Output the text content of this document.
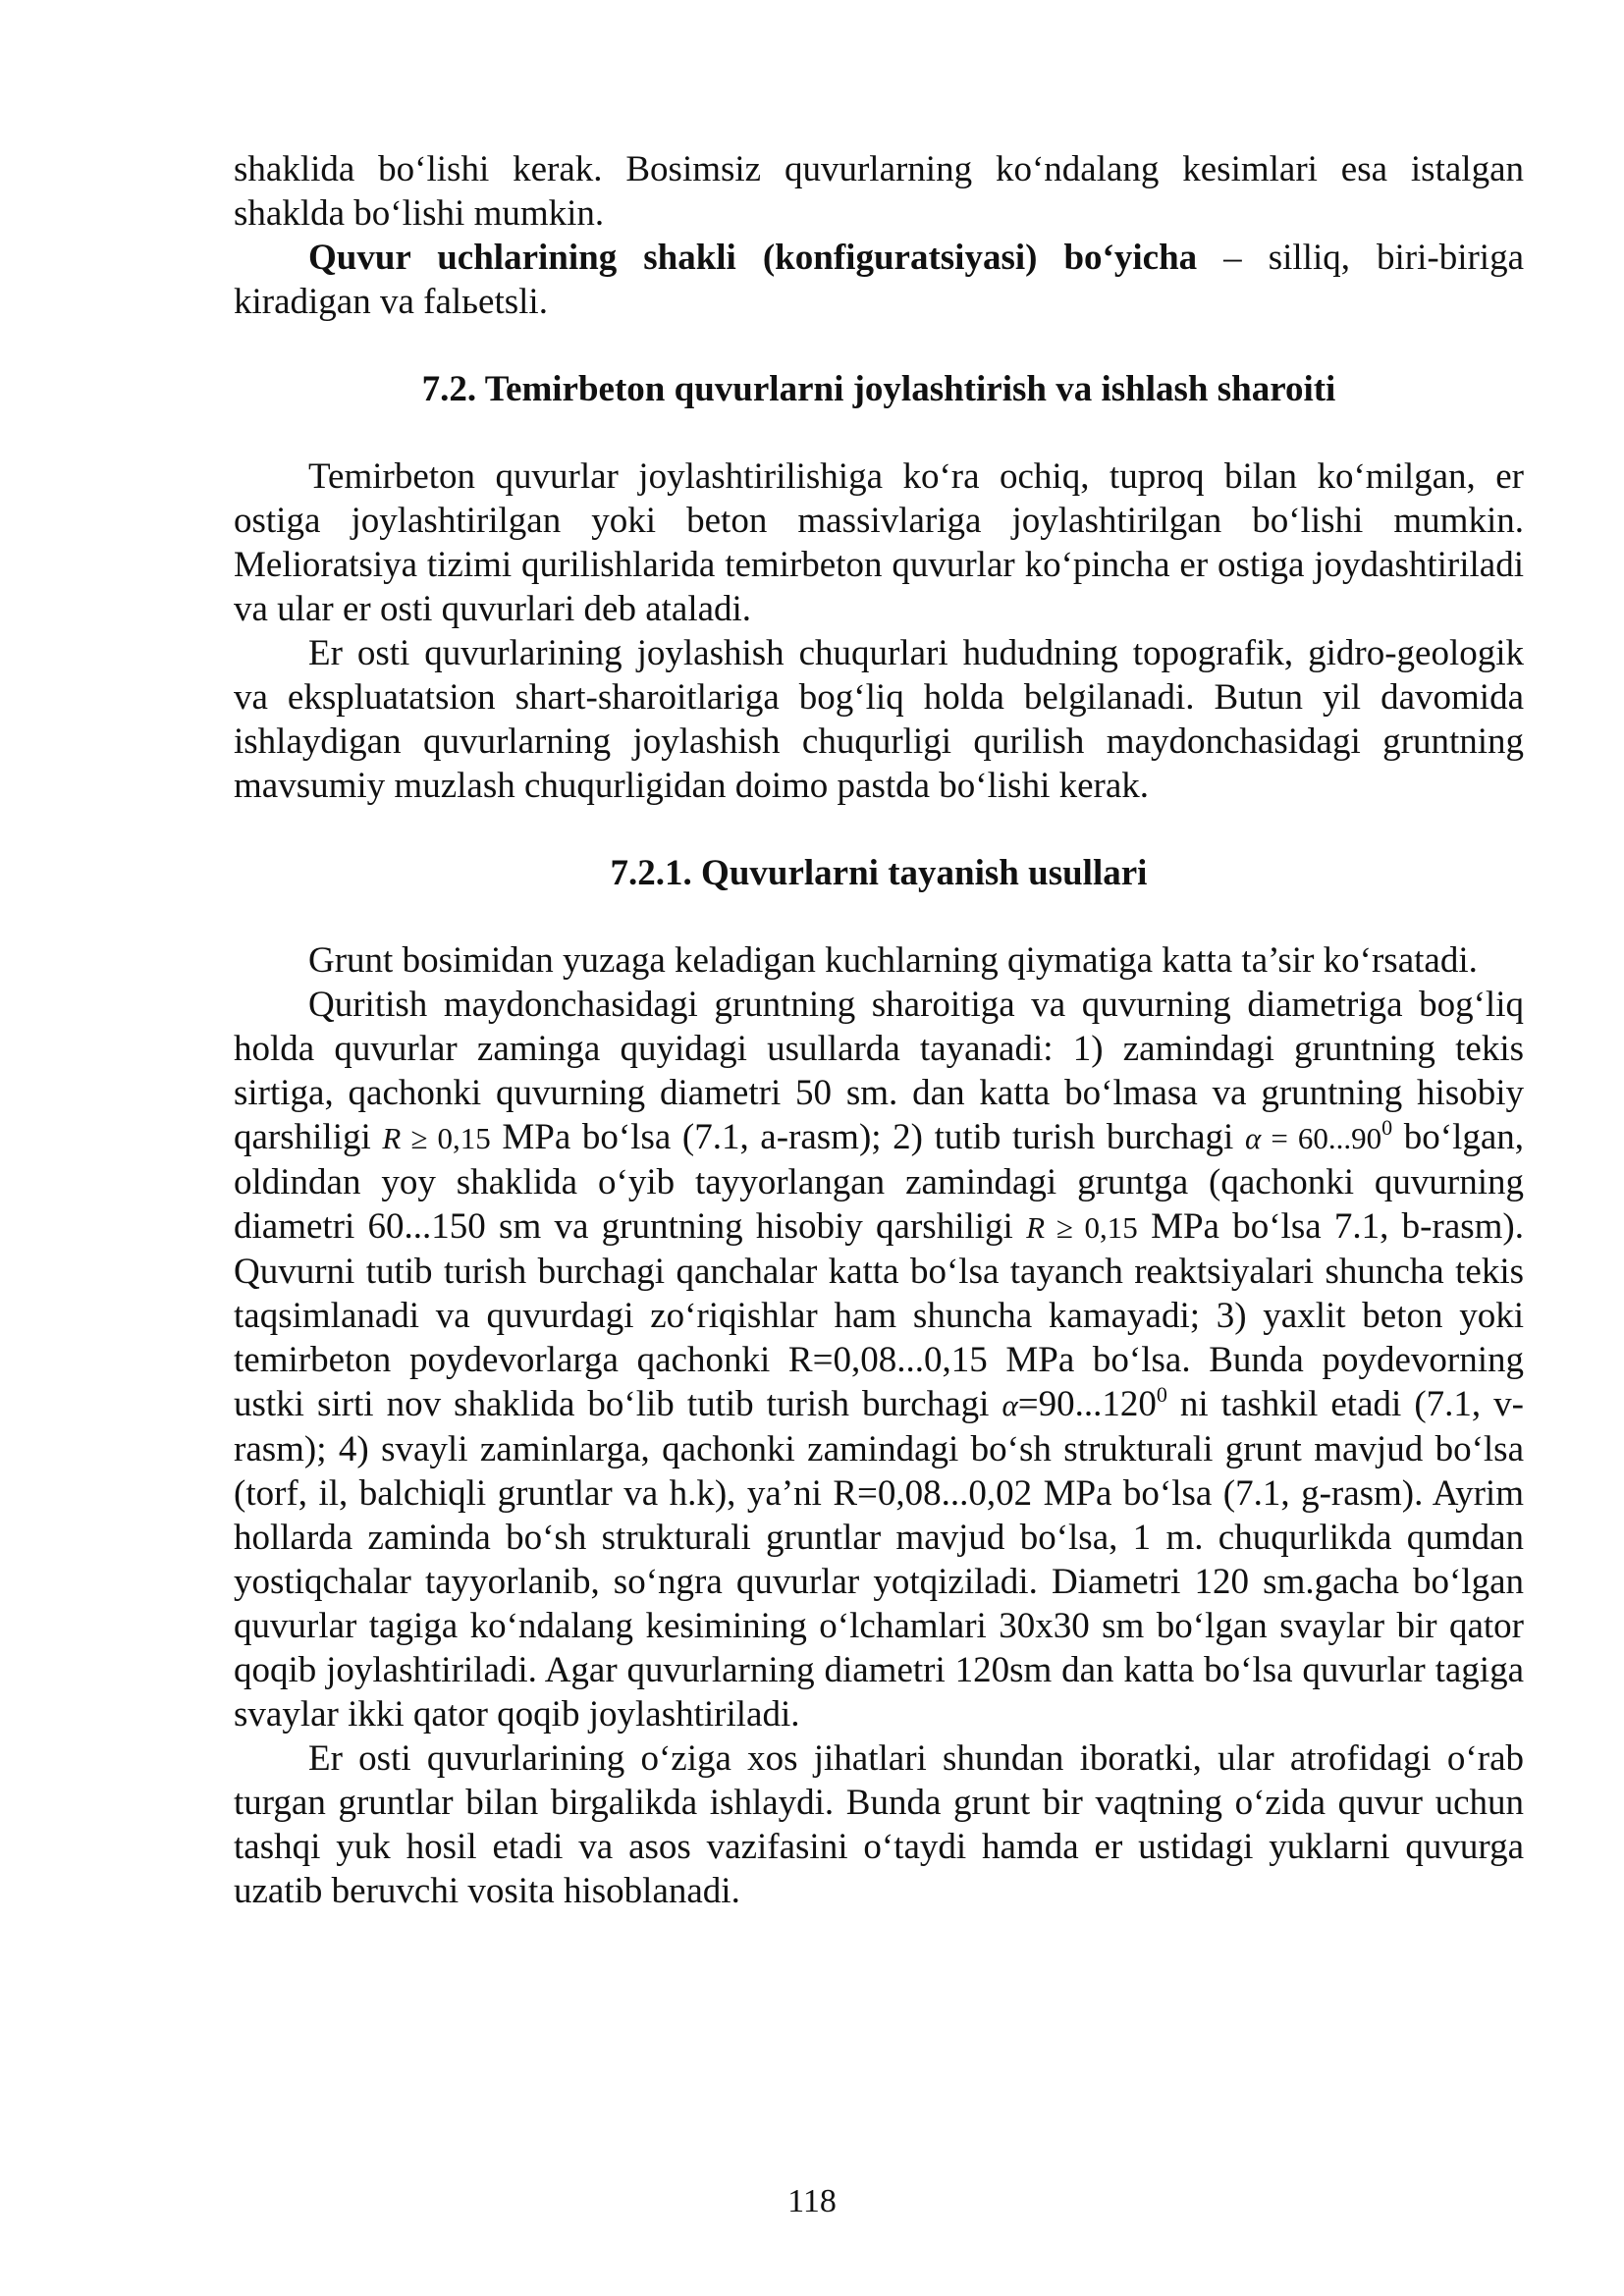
shaklida bo‘lishi kerak. Bosimsiz quvurlarning ko‘ndalang kesimlari esa istalgan shaklda bo‘lishi mumkin.

Quvur uchlarining shakli (konfiguratsiyasi) bo‘yicha – silliq, biri-biriga kiradigan va falьetsli.

7.2. Temirbeton quvurlarni joylashtirish va ishlash sharoiti

Temirbeton quvurlar joylashtirilishiga ko‘ra ochiq, tuproq bilan ko‘milgan, er ostiga joylashtirilgan yoki beton massivlariga joylashtirilgan bo‘lishi mumkin. Melioratsiya tizimi qurilishlarida temirbeton quvurlar ko‘pincha er ostiga joydashtiriladi va ular er osti quvurlari deb ataladi.

Er osti quvurlarining joylashish chuqurlari hududning topografik, gidro-geologik va ekspluatatsion shart-sharoitlariga bog‘liq holda belgilanadi. Butun yil davomida ishlaydigan quvurlarning joylashish chuqurligi qurilish maydonchasidagi gruntning mavsumiy muzlash chuqurligidan doimo pastda bo‘lishi kerak.

7.2.1. Quvurlarni tayanish usullari

Grunt bosimidan yuzaga keladigan kuchlarning qiymatiga katta ta’sir ko‘rsatadi.

Quritish maydonchasidagi gruntning sharoitiga va quvurning diametriga bog‘liq holda quvurlar zaminga quyidagi usullarda tayanadi: 1) zamindagi gruntning tekis sirtiga, qachonki quvurning diametri 50 sm. dan katta bo‘lmasa va gruntning hisobiy qarshiligi R ≥ 0,15 MPa bo‘lsa (7.1, a-rasm); 2) tutib turish burchagi $\alpha = 60...90^0$ bo‘lgan, oldindan yoy shaklida o‘yib tayyorlangan zamindagi gruntga (qachonki quvurning diametri 60...150 sm va gruntning hisobiy qarshiligi R ≥ 0,15 MPa bo‘lsa 7.1, b-rasm). Quvurni tutib turish burchagi qanchalar katta bo‘lsa tayanch reaktsiyalari shuncha tekis taqsimlanadi va quvurdagi zo‘riqishlar ham shuncha kamayadi; 3) yaxlit beton yoki temirbeton poydevorlarga qachonki R=0,08...0,15 MPa bo‘lsa. Bunda poydevorning ustki sirti nov shaklida bo‘lib tutib turish burchagi $\alpha=90...120^0$ ni tashkil etadi (7.1, v-rasm); 4) svayli zaminlarga, qachonki zamindagi bo‘sh strukturali grunt mavjud bo‘lsa (torf, il, balchiqli gruntlar va h.k), ya’ni R=0,08...0,02 MPa bo‘lsa (7.1, g-rasm). Ayrim hollarda zaminda bo‘sh strukturali gruntlar mavjud bo‘lsa, 1 m. chuqurlikda qumdan yostiqchalar tayyorlanib, so‘ngra quvurlar yotqiziladi. Diametri 120 sm.gacha bo‘lgan quvurlar tagiga ko‘ndalang kesimining o‘lchamlari 30x30 sm bo‘lgan svaylar bir qator qoqib joylashtiriladi. Agar quvurlarning diametri 120sm dan katta bo‘lsa quvurlar tagiga svaylar ikki qator qoqib joylashtiriladi.

Er osti quvurlarining o‘ziga xos jihatlari shundan iboratki, ular atrofidagi o‘rab turgan gruntlar bilan birgalikda ishlaydi. Bunda grunt bir vaqtning o‘zida quvur uchun tashqi yuk hosil etadi va asos vazifasini o‘taydi hamda er ustidagi yuklarni quvurga uzatib beruvchi vosita hisoblanadi.

118
